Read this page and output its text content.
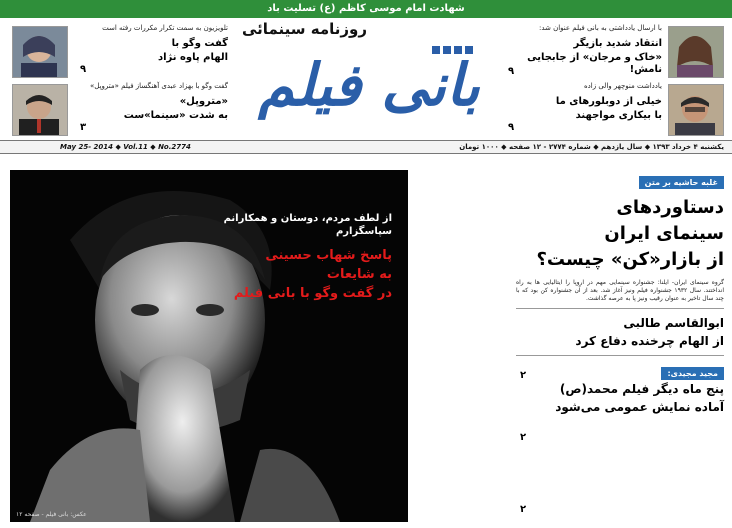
شهادت امام موسی کاظم (ع) تسلیت باد
تلویزیون به سمت تکرار مکررات رفته است
گفت وگو با
الهام پاوه نژاد
۹
گفت وگو با بهزاد عبدی آهنگساز فیلم «متروپل»
«متروپل»
به شدت «سینما»ست
۳
با ارسال یادداشتی به بانی فیلم عنوان شد:
انتقاد شدید بازیگر
«خاک و مرجان» از جابجایی نامش!
۹
یادداشت منوچهر والی زاده
خیلی از دوبلورهای ما
با بیکاری مواجهند
۹
روزنامه سینمائی
بانی فیلم
May 25- 2014 ◆ Vol.11 ◆ No.2774	یکشنبه ۴ خرداد ۱۳۹۳ ◆ سال یازدهم ◆ شماره ۲۷۷۴ - ۱۲ صفحه ◆ ۱۰۰۰ تومان
از لطف مردم، دوستان و همکارانم سپاسگزارم
پاسخ شهاب حسینی
به شایعات
در گفت وگو با بانی فیلم
عکس: بانی فیلم - صفحه ۱۲
غلبه حاشیه بر متن
دستاوردهای
سینمای ایران
از بازار«کن» چیست؟
گروه سینمای ایران- ایلنا: جشنواره سینمایی مهم در اروپا را ایتالیایی ها به راه انداختند. سال ۱۹۳۲ جشنواره فیلم ونیز آغاز شد. بعد از آن جشنواره کن بود که با چند سال تاخیر به عنوان رقیب ونیز پا به عرصه گذاشت.
۲
ابوالقاسم طالبی
از الهام چرخنده دفاع کرد
۲
مجید مجیدی:
پنج ماه دیگر فیلم محمد(ص)
آماده نمایش عمومی می‌شود
۲
